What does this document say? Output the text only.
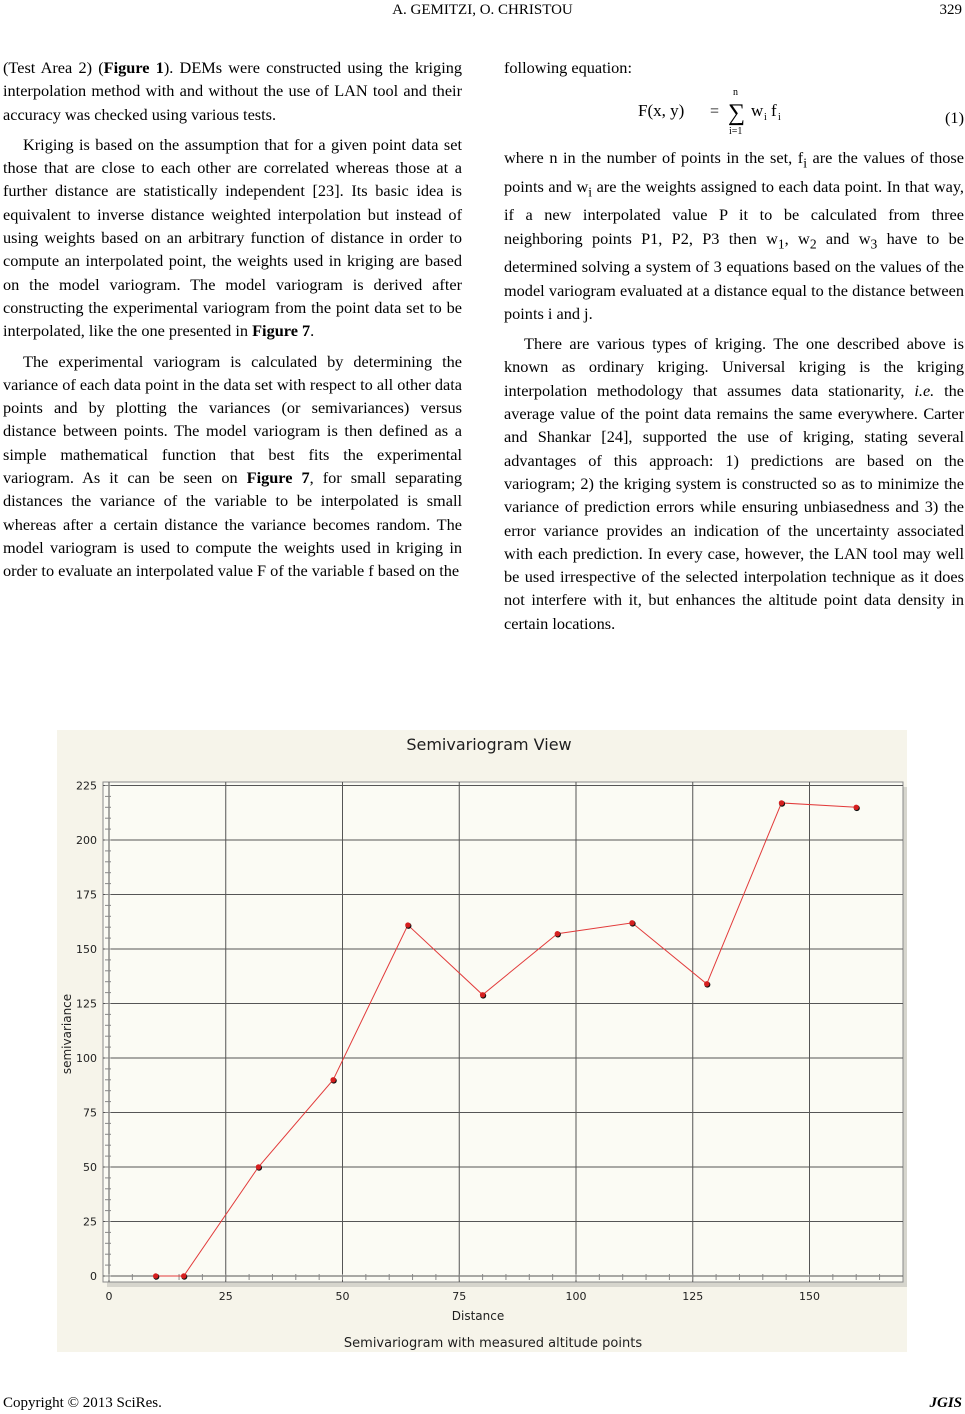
A. GEMITZI, O. CHRISTOU	329

(Test Area 2) (Figure 1). DEMs were constructed using the kriging interpolation method with and without the use of LAN tool and their accuracy was checked using various tests.

Kriging is based on the assumption that for a given point data set those that are close to each other are correlated whereas those at a further distance are statistically independent [23]. Its basic idea is equivalent to inverse distance weighted interpolation but instead of using weights based on an arbitrary function of distance in order to compute an interpolated point, the weights used in kriging are based on the model variogram. The model variogram is derived after constructing the experimental variogram from the point data set to be interpolated, like the one presented in Figure 7.

The experimental variogram is calculated by determining the variance of each data point in the data set with respect to all other data points and by plotting the variances (or semivariances) versus distance between points. The model variogram is then defined as a simple mathematical function that best fits the experimental variogram. As it can be seen on Figure 7, for small separating distances the variance of the variable to be interpolated is small whereas after a certain distance the variance becomes random. The model variogram is used to compute the weights used in kriging in order to evaluate an interpolated value F of the variable f based on the

following equation:

F(x, y) = ∑
n
i=1
w i f i	(1)

where n in the number of points in the set, $f_i$ are the values of those points and $w_i$ are the weights assigned to each data point. In that way, if a new interpolated value P it to be calculated from three neighboring points P1, P2, P3 then $w_1$, $w_2$ and $w_3$ have to be determined solving a system of 3 equations based on the values of the model variogram evaluated at a distance equal to the distance between points i and j.

There are various types of kriging. The one described above is known as ordinary kriging. Universal kriging is the kriging interpolation methodology that assumes data stationarity, i.e. the average value of the point data remains the same everywhere. Carter and Shankar [24], supported the use of kriging, stating several advantages of this approach: 1) predictions are based on the variogram; 2) the kriging system is constructed so as to minimize the variance of prediction errors while ensuring unbiasedness and 3) the error variance provides an indication of the uncertainty associated with each prediction. In every case, however, the LAN tool may well be used irrespective of the selected interpolation technique as it does not interfere with it, but enhances the altitude point data density in certain locations.

Semivariogram View
0
25
50
75
100
125
150
175
200
225
0	25	50	75	100	125	150
Distance
semivariance
Semivariogram with measured altitude points
Copyright © 2013 SciRes.	JGIS
